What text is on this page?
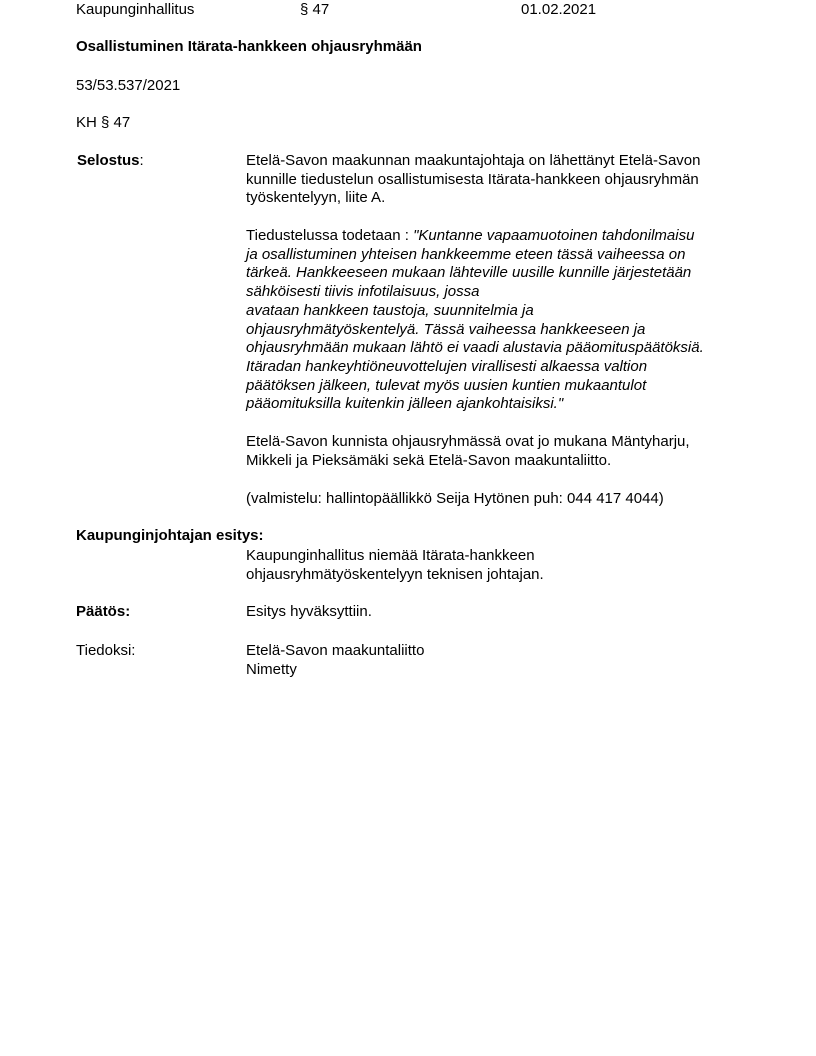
Kaupunginhallitus	§ 47	01.02.2021
Osallistuminen Itärata-hankkeen ohjausryhmään
53/53.537/2021
KH § 47
Selostus:	Etelä-Savon maakunnan maakuntajohtaja on lähettänyt Etelä-Savon
kunnille tiedustelun osallistumisesta Itärata-hankkeen ohjausryhmän
työskentelyyn, liite A.
Tiedustelussa todetaan : "Kuntanne vapaamuotoinen tahdonilmaisu
ja osallistuminen yhteisen hankkeemme eteen tässä vaiheessa on
tärkeä. Hankkeeseen mukaan lähteville uusille kunnille järjestetään
sähköisesti tiivis infotilaisuus, jossa
avataan hankkeen taustoja, suunnitelmia ja
ohjausryhmätyöskentelyä. Tässä vaiheessa hankkeeseen ja
ohjausryhmään mukaan lähtö ei vaadi alustavia pääomituspäätöksiä.
Itäradan hankeyhtiöneuvottelujen virallisesti alkaessa valtion
päätöksen jälkeen, tulevat myös uusien kuntien mukaantulot
pääomituksilla kuitenkin jälleen ajankohtaisiksi."
Etelä-Savon kunnista ohjausryhmässä ovat jo mukana Mäntyharju,
Mikkeli ja Pieksämäki sekä Etelä-Savon maakuntaliitto.
(valmistelu: hallintopäällikkö Seija Hytönen puh: 044 417 4044)
Kaupunginjohtajan esitys:
Kaupunginhallitus niemää Itärata-hankkeen
ohjausryhmätyöskentelyyn teknisen johtajan.
Päätös:	Esitys hyväksyttiin.
Tiedoksi:	Etelä-Savon maakuntaliitto
Nimetty
